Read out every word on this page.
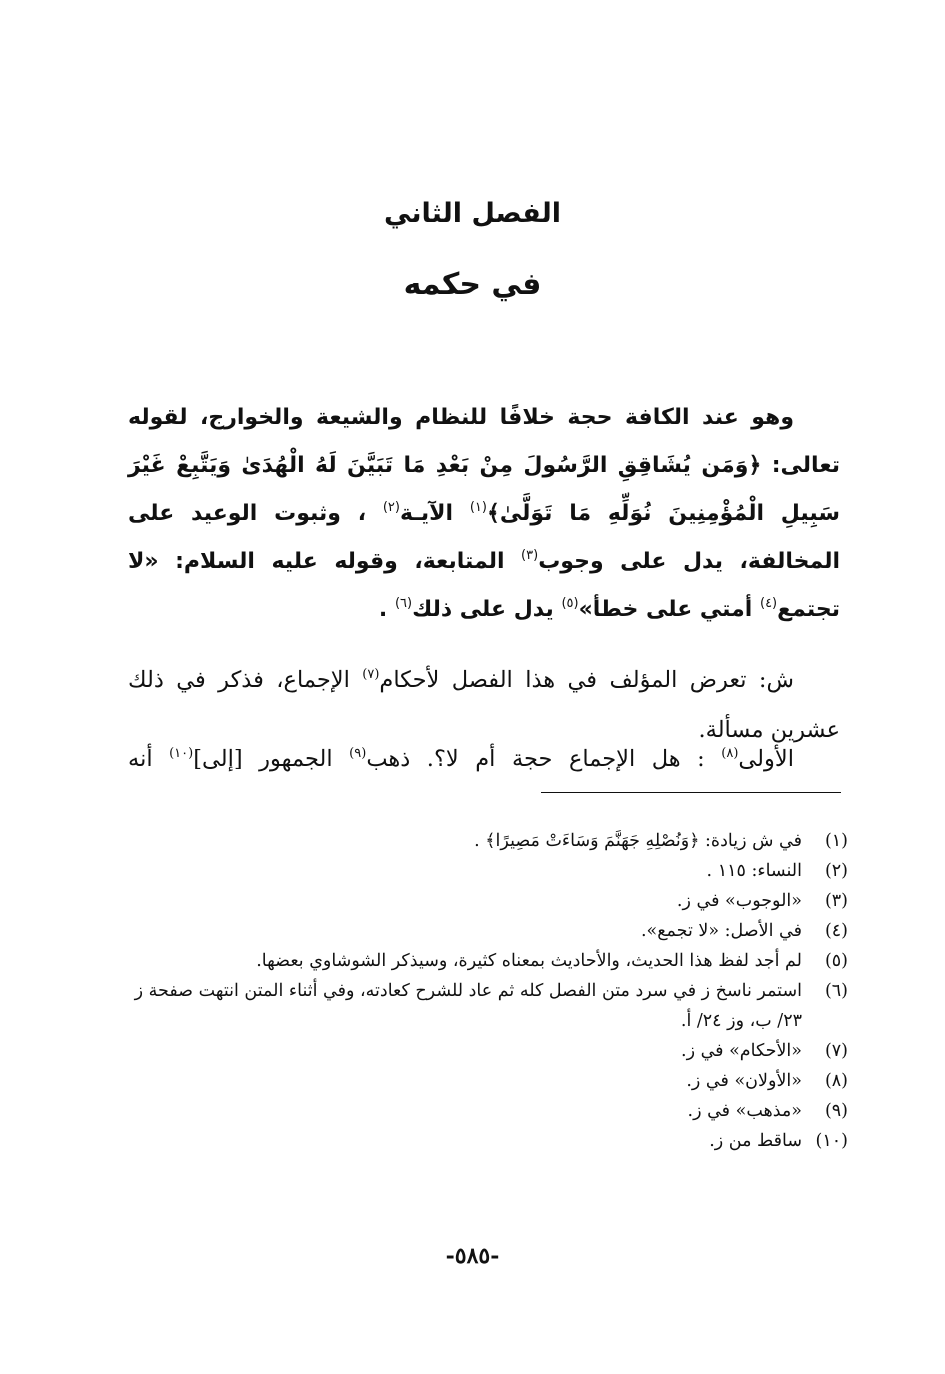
الفصل الثاني
في حكمه
وهو عند الكافة حجة خلافًا للنظام والشيعة والخوارج، لقوله تعالى: ﴿وَمَن يُشَاقِقِ الرَّسُولَ مِنْ بَعْدِ مَا تَبَيَّنَ لَهُ الْهُدَىٰ وَيَتَّبِعْ غَيْرَ سَبِيلِ الْمُؤْمِنِينَ نُوَلِّهِ مَا تَوَلَّىٰ﴾$^{(١)}$ الآيـة$^{(٢)}$ ، وثبوت الوعيد على المخالفة، يدل على وجوب$^{(٣)}$ المتابعة، وقوله عليه السلام: «لا تجتمع$^{(٤)}$ أمتي على خطأ»$^{(٥)}$ يدل على ذلك$^{(٦)}$ .
ش: تعرض المؤلف في هذا الفصل لأحكام$^{(٧)}$ الإجماع، فذكر في ذلك عشرين مسألة.
الأولى$^{(٨)}$ : هل الإجماع حجة أم لا؟. ذهب$^{(٩)}$ الجمهور [إلى]$^{(١٠)}$ أنه
(١)
في ش زيادة: ﴿وَنُصْلِهِ جَهَنَّمَ وَسَاءَتْ مَصِيرًا﴾ .
(٢)
النساء: ١١٥ .
(٣)
«الوجوب» في ز.
(٤)
في الأصل: «لا تجمع».
(٥)
لم أجد لفظ هذا الحديث، والأحاديث بمعناه كثيرة، وسيذكر الشوشاوي بعضها.
(٦)
استمر ناسخ ز في سرد متن الفصل كله ثم عاد للشرح كعادته، وفي أثناء المتن انتهت صفحة ز ٢٣/ ب، وز ٢٤/ أ.
(٧)
«الأحكام» في ز.
(٨)
«الأولان» في ز.
(٩)
«مذهب» في ز.
(١٠)
ساقط من ز.
-٥٨٥-
